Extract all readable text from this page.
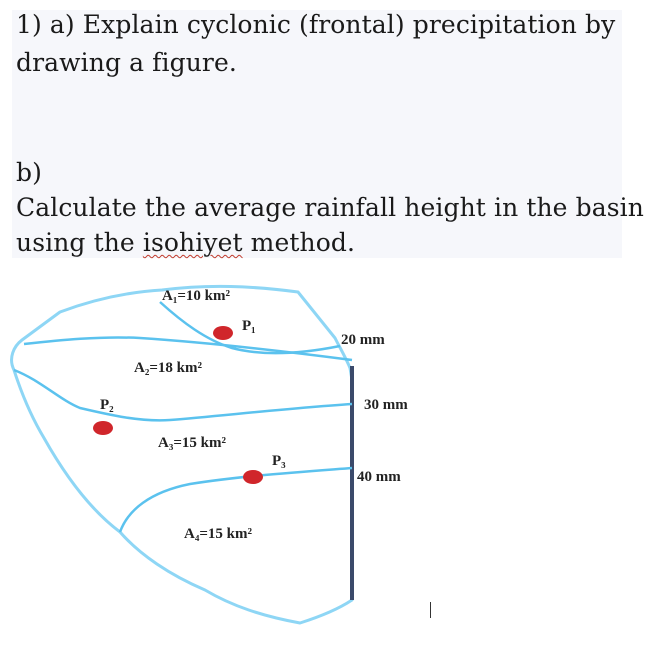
1) a) Explain cyclonic (frontal) precipitation by
drawing a figure.
b)
Calculate the average rainfall height in the basin
using the isohiyet method.
A₁=10 km²
A₂=18 km²
A₃=15 km²
A₄=15 km²
P₁
P₂
P₃
20 mm
30 mm
40 mm
